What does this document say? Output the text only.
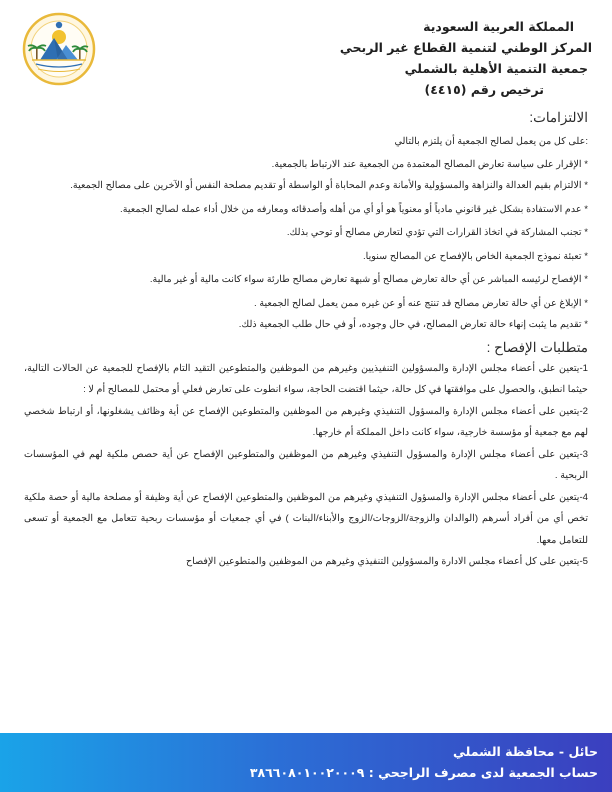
المملكة العربية السعودية
المركز الوطني لتنمية القطاع غير الربحي
جمعية التنمية الأهلية بالشملي
ترخيص رقم (٤٤١٥)
الالتزامات:

:على كل من يعمل لصالح الجمعية أن يلتزم بالتالي

* الإقرار على سياسة تعارض المصالح المعتمدة من الجمعية عند الارتباط بالجمعية.

* الالتزام بقيم العدالة والنزاهة والمسؤولية والأمانة وعدم المحاباة أو الواسطة أو تقديم مصلحة النفس أو الآخرين على مصالح الجمعية.

* عدم الاستفادة بشكل غير قانوني مادياً أو معنوياً هو أو أي من أهله وأصدقائه ومعارفه من خلال أداء عمله لصالح الجمعية.

* تجنب المشاركة في اتخاذ القرارات التي تؤدي لتعارض مصالح أو توحي بذلك.

* تعبئة نموذج الجمعية الخاص بالإفصاح عن المصالح سنويا.

* الإفصاح لرئيسه المباشر عن أي حالة تعارض مصالح أو شبهة تعارض مصالح طارئة سواء كانت مالية أو غير مالية.

* الإبلاغ عن أي حالة تعارض مصالح قد تنتج عنه أو عن غيره ممن يعمل لصالح الجمعية .

* تقديم ما يثبت إنهاء حالة تعارض المصالح، في حال وجوده، أو في حال طلب الجمعية ذلك.

متطلبات الإفصاح :

1-يتعين على أعضاء مجلس الإدارة والمسؤولين التنفيذيين وغيرهم من الموظفين والمتطوعين التقيد التام بالإفصاح للجمعية عن الحالات التالية، حيثما انطبق، والحصول على موافقتها في كل حالة، حيثما اقتضت الحاجة، سواء انطوت على تعارض فعلي أو محتمل للمصالح أم لا :

2-يتعين على أعضاء مجلس الإدارة والمسؤول التنفيذي وغيرهم من الموظفين والمتطوعين الإفصاح عن أية وظائف يشغلونها، أو ارتباط شخصي لهم مع جمعية أو مؤسسة خارجية، سواء كانت داخل المملكة أم خارجها.

3-يتعين على أعضاء مجلس الإدارة والمسؤول التنفيذي وغيرهم من الموظفين والمتطوعين الإفصاح عن أية حصص ملكية لهم في المؤسسات الربحية .

4-يتعين على أعضاء مجلس الإدارة والمسؤول التنفيذي وغيرهم من الموظفين والمتطوعين الإفصاح عن أية وظيفة أو مصلحة مالية أو حصة ملكية تخص أي من أفراد أسرهم (الوالدان والزوجة/الزوجات/الزوج والأبناء/البنات ) في أي جمعيات أو مؤسسات ربحية تتعامل مع الجمعية أو تسعى للتعامل معها.

5-يتعين على كل أعضاء مجلس الادارة والمسؤولين التنفيذي وغيرهم من الموظفين والمتطوعين الإفصاح

حائل - محافظة الشملي
حساب الجمعية لدى مصرف الراجحي : ٣٨٦٦٠٨٠١٠٠٢٠٠٠٩
